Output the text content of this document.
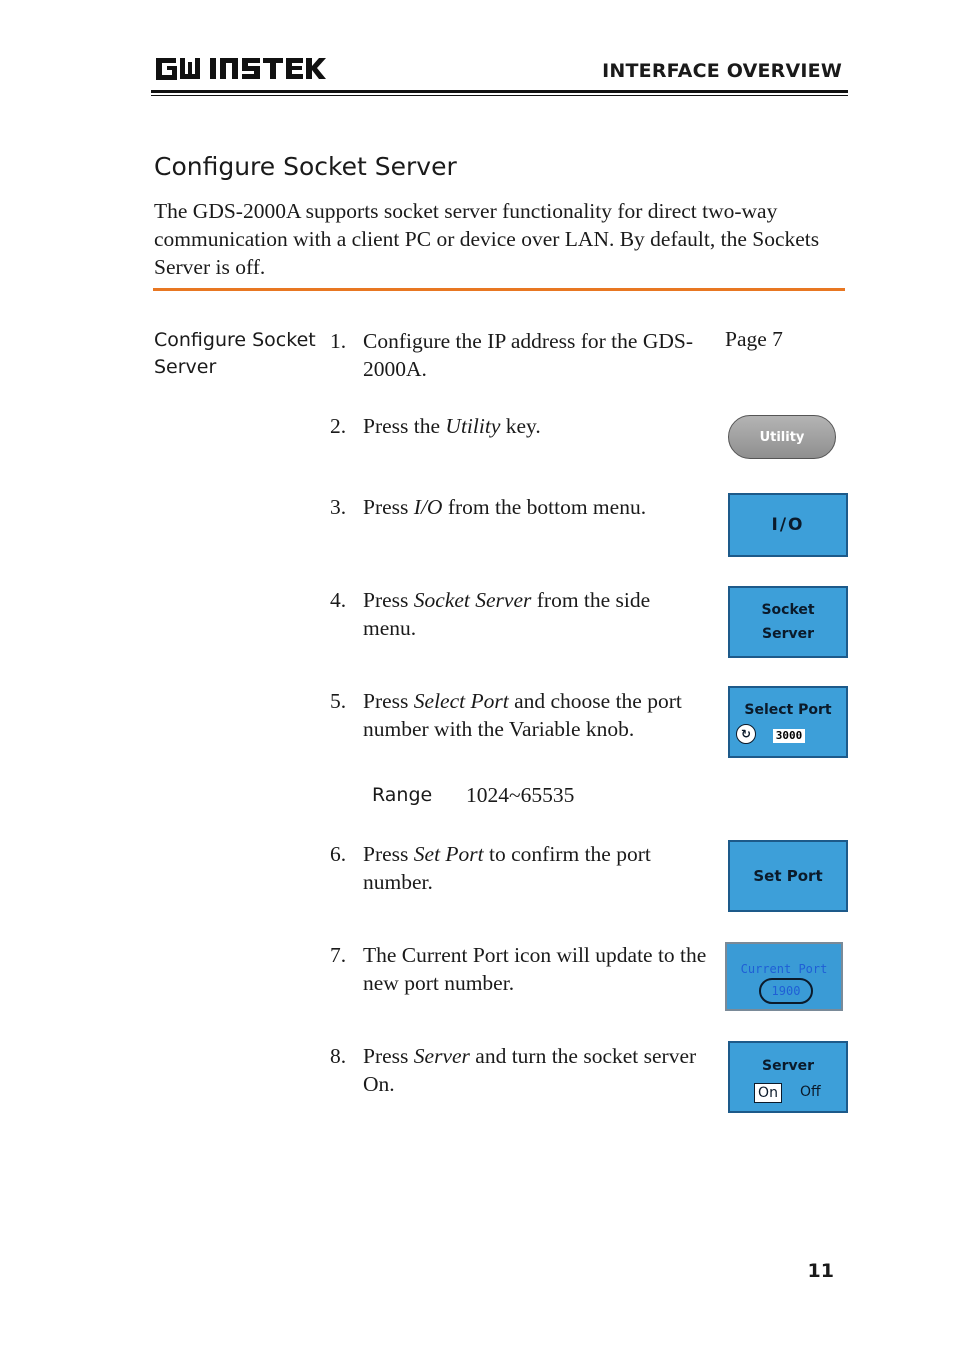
GW INSTEK
INTERFACE OVERVIEW
Configure Socket Server
The GDS-2000A supports socket server functionality for direct two-way communication with a client PC or device over LAN. By default, the Sockets Server is off.
Configure Socket Server
1. Configure the IP address for the GDS-2000A.
Page 7
2. Press the Utility key.	Utility
3. Press I/O from the bottom menu.
I/O
4. Press Socket Server from the side menu.
Socket
Server
5. Press Select Port and choose the port number with the Variable knob.
Range 1024~65535
Select Port
↻	3000
6. Press Set Port to confirm the port number.	Set Port
7. The Current Port icon will update to the new port number.
Current Port
1900
8. Press Server and turn the socket server On.
Server
On Off
11
